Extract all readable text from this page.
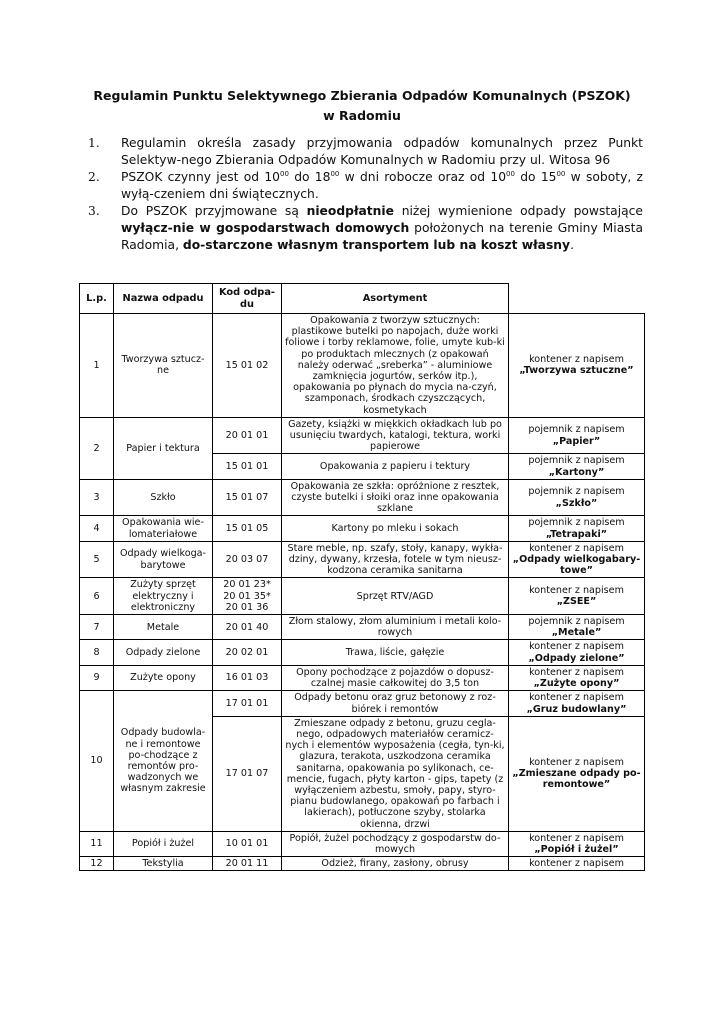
Regulamin Punktu Selektywnego Zbierania Odpadów Komunalnych (PSZOK)
w Radomiu
1. Regulamin określa zasady przyjmowania odpadów komunalnych przez Punkt Selektyw-nego Zbierania Odpadów Komunalnych w Radomiu przy ul. Witosa 96
2. PSZOK czynny jest od $10^{00}$ do $18^{00}$ w dni robocze oraz od $10^{00}$ do $15^{00}$ w soboty, z wyłą-czeniem dni świątecznych.
3. Do PSZOK przyjmowane są nieodpłatnie niżej wymienione odpady powstające wyłącz-nie w gospodarstwach domowych położonych na terenie Gminy Miasta Radomia, do-starczone własnym transportem lub na koszt własny.
L.p.	Nazwa odpadu	Kod odpa-du	Asortyment	
1	Tworzywa sztucz-ne	15 01 02	Opakowania z tworzyw sztucznych: plastikowe butelki po napojach, duże worki foliowe i torby reklamowe, folie, umyte kub-ki po produktach mlecznych (z opakowań należy oderwać „sreberka” - aluminiowe zamknięcia jogurtów, serków itp.), opakowania po płynach do mycia na-czyń, szamponach, środkach czyszczących, kosmetykach	kontener z napisem
„Tworzywa sztuczne”
2	Papier i tektura	20 01 01	Gazety, książki w miękkich okładkach lub po usunięciu twardych, katalogi, tektura, worki papierowe	pojemnik z napisem
„Papier”
		15 01 01	Opakowania z papieru i tektury	pojemnik z napisem
„Kartony”
3	Szkło	15 01 07	Opakowania ze szkła: opróżnione z resztek, czyste butelki i słoiki oraz inne opakowania szklane	pojemnik z napisem
„Szkło”
4	Opakowania wie-lomateriałowe	15 01 05	Kartony po mleku i sokach	pojemnik z napisem
„Tetrapaki”
5	Odpady wielkoga-barytowe	20 03 07	Stare meble, np. szafy, stoły, kanapy, wykła-dziny, dywany, krzesła, fotele w tym nieusz-kodzona ceramika sanitarna	kontener z napisem
„Odpady wielkogabary-towe”
6	Zużyty sprzęt elektryczny i elektroniczny	20 01 23* 20 01 35* 20 01 36	Sprzęt RTV/AGD	kontener z napisem
„ZSEE”
7	Metale	20 01 40	Złom stalowy, złom aluminium i metali kolo-rowych	pojemnik z napisem
„Metale”
8	Odpady zielone	20 02 01	Trawa, liście, gałęzie	kontener z napisem
„Odpady zielone”
9	Zużyte opony	16 01 03	Opony pochodzące z pojazdów o dopusz-czalnej masie całkowitej do 3,5 ton	kontener z napisem
„Zużyte opony”
10	Odpady budowla-ne i remontowe po-chodzące z remontów pro-wadzonych we własnym zakresie	17 01 01	Odpady betonu oraz gruz betonowy z roz-biórek i remontów	kontener z napisem
„Gruz budowlany”
		17 01 07	Zmieszane odpady z betonu, gruzu cegla-nego, odpadowych materiałów ceramicz-nych i elementów wyposażenia (cegła, tyn-ki, glazura, terakota, uszkodzona ceramika sanitarna, opakowania po sylikonach, ce-mencie, fugach, płyty karton - gips, tapety (z wyłączeniem azbestu, smoły, papy, styro-pianu budowlanego, opakowań po farbach i lakierach), potłuczone szyby, stolarka okienna, drzwi	kontener z napisem
„Zmieszane odpady po-remontowe”
11	Popiół i żużel	10 01 01	Popiół, żużel pochodzący z gospodarstw do-mowych	kontener z napisem
„Popiół i żużel”
12	Tekstylia	20 01 11	Odzież, firany, zasłony, obrusy	kontener z napisem
